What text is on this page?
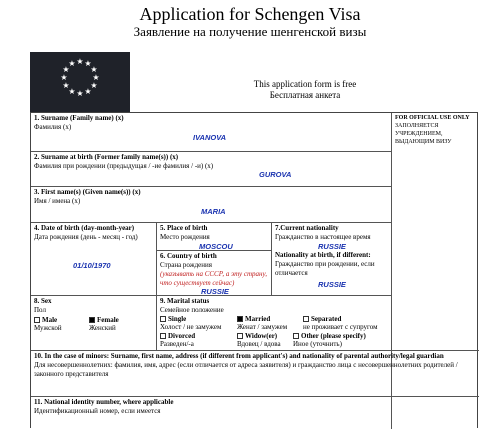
Application for Schengen Visa
Заявление на получение шенгенской визы
★ ★
★
★
★
★
★
★
★
★
★
★
This application form is free
Бесплатная анкета
FOR OFFICIAL USE ONLY
ЗАПОЛНЯЕТСЯ УЧРЕЖДЕНИЕМ, ВЫДАЮЩИМ ВИЗУ
1. Surname (Family name) (x)
Фамилия (x)
IVANOVA
2. Surname at birth (Former family name(s)) (x)
Фамилия при рождении (предыдущая / -ие фамилия / -и) (x)
GUROVA
3. First name(s) (Given name(s)) (x)
Имя / имена (x)
MARIA
4. Date of birth (day-month-year)
Дата рождения (день - месяц - год)
01/10/1970
5. Place of birth
Место рождения
MOSCOU
6. Country of birth
Страна рождения
(указывать на СССР, а эту страну, что существует сейчас)
RUSSIE
7.Current nationality
Гражданство в настоящее время
RUSSIE
Nationality at birth, if different:
Гражданство при рождении, если отличается
RUSSIE
8. Sex
Пол
Male
Мужской
Female
Женский
9. Marital status
Семейное положение
Single
Холост / не замужем
Married
Женат / замужем
Separated
не проживает с супругом
Divorced
Разведен/-а
Widow(er)
Вдовец / вдова
Other (please specify)
Иное (уточнить)
10. In the case of minors: Surname, first name, address (if different from applicant's) and nationality of parental authority/legal guardian
Для несовершеннолетних: фамилия, имя, адрес (если отличается от адреса заявителя) и гражданство лица с несовершеннолетних родителей / законного представителя
11. National identity number, where applicable
Идентификационный номер, если имеется
